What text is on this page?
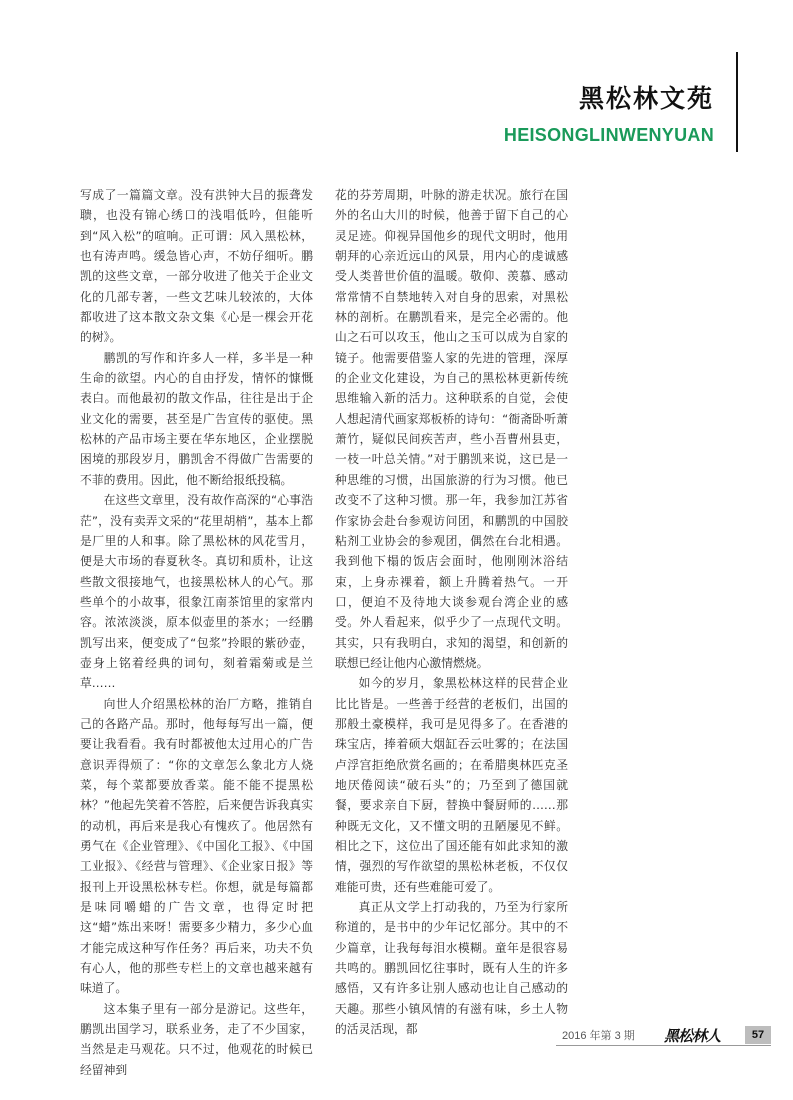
黑松林文苑
HEISONGLINWENYUAN

写成了一篇篇文章。没有洪钟大吕的振聋发聩，也没有锦心绣口的浅唱低吟，但能听到“风入松”的喧响。正可谓：风入黑松林，也有涛声鸣。缓急皆心声，不妨仔细听。鹏凯的这些文章，一部分收进了他关于企业文化的几部专著，一些文艺味儿较浓的，大体都收进了这本散文杂文集《心是一棵会开花的树》。

鹏凯的写作和许多人一样，多半是一种生命的欲望。内心的自由抒发，情怀的慷慨表白。而他最初的散文作品，往往是出于企业文化的需要，甚至是广告宣传的驱使。黑松林的产品市场主要在华东地区，企业摆脱困境的那段岁月，鹏凯舍不得做广告需要的不菲的费用。因此，他不断给报纸投稿。

在这些文章里，没有故作高深的“心事浩茫”，没有卖弄文采的“花里胡梢”，基本上都是厂里的人和事。除了黑松林的风花雪月，便是大市场的春夏秋冬。真切和质朴，让这些散文很接地气，也接黑松林人的心气。那些单个的小故事，很象江南茶馆里的家常内容。浓浓淡淡，原本似壶里的茶水；一经鹏凯写出来，便变成了“包浆”拎眼的紫砂壶，壶身上铭着经典的词句，刻着霜菊或是兰草……

向世人介绍黑松林的治厂方略，推销自己的各路产品。那时，他每每写出一篇，便要让我看看。我有时都被他太过用心的广告意识弄得烦了：“你的文章怎么象北方人烧菜，每个菜都要放香菜。能不能不提黑松林？”他起先笑着不答腔，后来便告诉我真实的动机，再后来是我心有愧疚了。他居然有勇气在《企业管理》、《中国化工报》、《中国工业报》、《经营与管理》、《企业家日报》等报刊上开设黑松林专栏。你想，就是每篇都是味同嚼蜡的广告文章，也得定时把这“蜡”炼出来呀！需要多少精力，多少心血才能完成这种写作任务？再后来，功夫不负有心人，他的那些专栏上的文章也越来越有味道了。

这本集子里有一部分是游记。这些年，鹏凯出国学习，联系业务，走了不少国家，当然是走马观花。只不过，他观花的时候已经留神到

花的芬芳周期，叶脉的游走状况。旅行在国外的名山大川的时候，他善于留下自己的心灵足迹。仰视异国他乡的现代文明时，他用朝拜的心亲近远山的风景，用内心的虔诚感受人类普世价值的温暖。敬仰、羡慕、感动常常情不自禁地转入对自身的思索，对黑松林的剖析。在鹏凯看来，是完全必需的。他山之石可以攻玉，他山之玉可以成为自家的镜子。他需要借鉴人家的先进的管理，深厚的企业文化建设，为自己的黑松林更新传统思维输入新的活力。这种联系的自觉，会使人想起清代画家郑板桥的诗句：“衙斋卧听萧萧竹，疑似民间疾苦声，些小吾曹州县吏，一枝一叶总关情。”对于鹏凯来说，这已是一种思维的习惯，出国旅游的行为习惯。他已改变不了这种习惯。那一年，我参加江苏省作家协会赴台参观访问团，和鹏凯的中国胶粘剂工业协会的参观团，偶然在台北相遇。我到他下榻的饭店会面时，他刚刚沐浴结束，上身赤裸着，额上升腾着热气。一开口，便迫不及待地大谈参观台湾企业的感受。外人看起来，似乎少了一点现代文明。其实，只有我明白，求知的渴望，和创新的联想已经让他内心激情燃烧。

如今的岁月，象黑松林这样的民营企业比比皆是。一些善于经营的老板们，出国的那般土豪模样，我可是见得多了。在香港的珠宝店，捧着硕大烟缸吞云吐雾的；在法国卢浮宫拒绝欣赏名画的；在希腊奥林匹克圣地厌倦阅读“破石头”的；乃至到了德国就餐，要求亲自下厨，替换中餐厨师的……那种既无文化，又不懂文明的丑陋屡见不鲜。相比之下，这位出了国还能有如此求知的激情，强烈的写作欲望的黑松林老板，不仅仅难能可贵，还有些难能可爱了。

真正从文学上打动我的，乃至为行家所称道的，是书中的少年记忆部分。其中的不少篇章，让我每每泪水模糊。童年是很容易共鸣的。鹏凯回忆往事时，既有人生的许多感悟，又有许多让别人感动也让自己感动的天趣。那些小镇风情的有滋有味，乡土人物的活灵活现，都	2016 年第 3 期 黑松林人	57
